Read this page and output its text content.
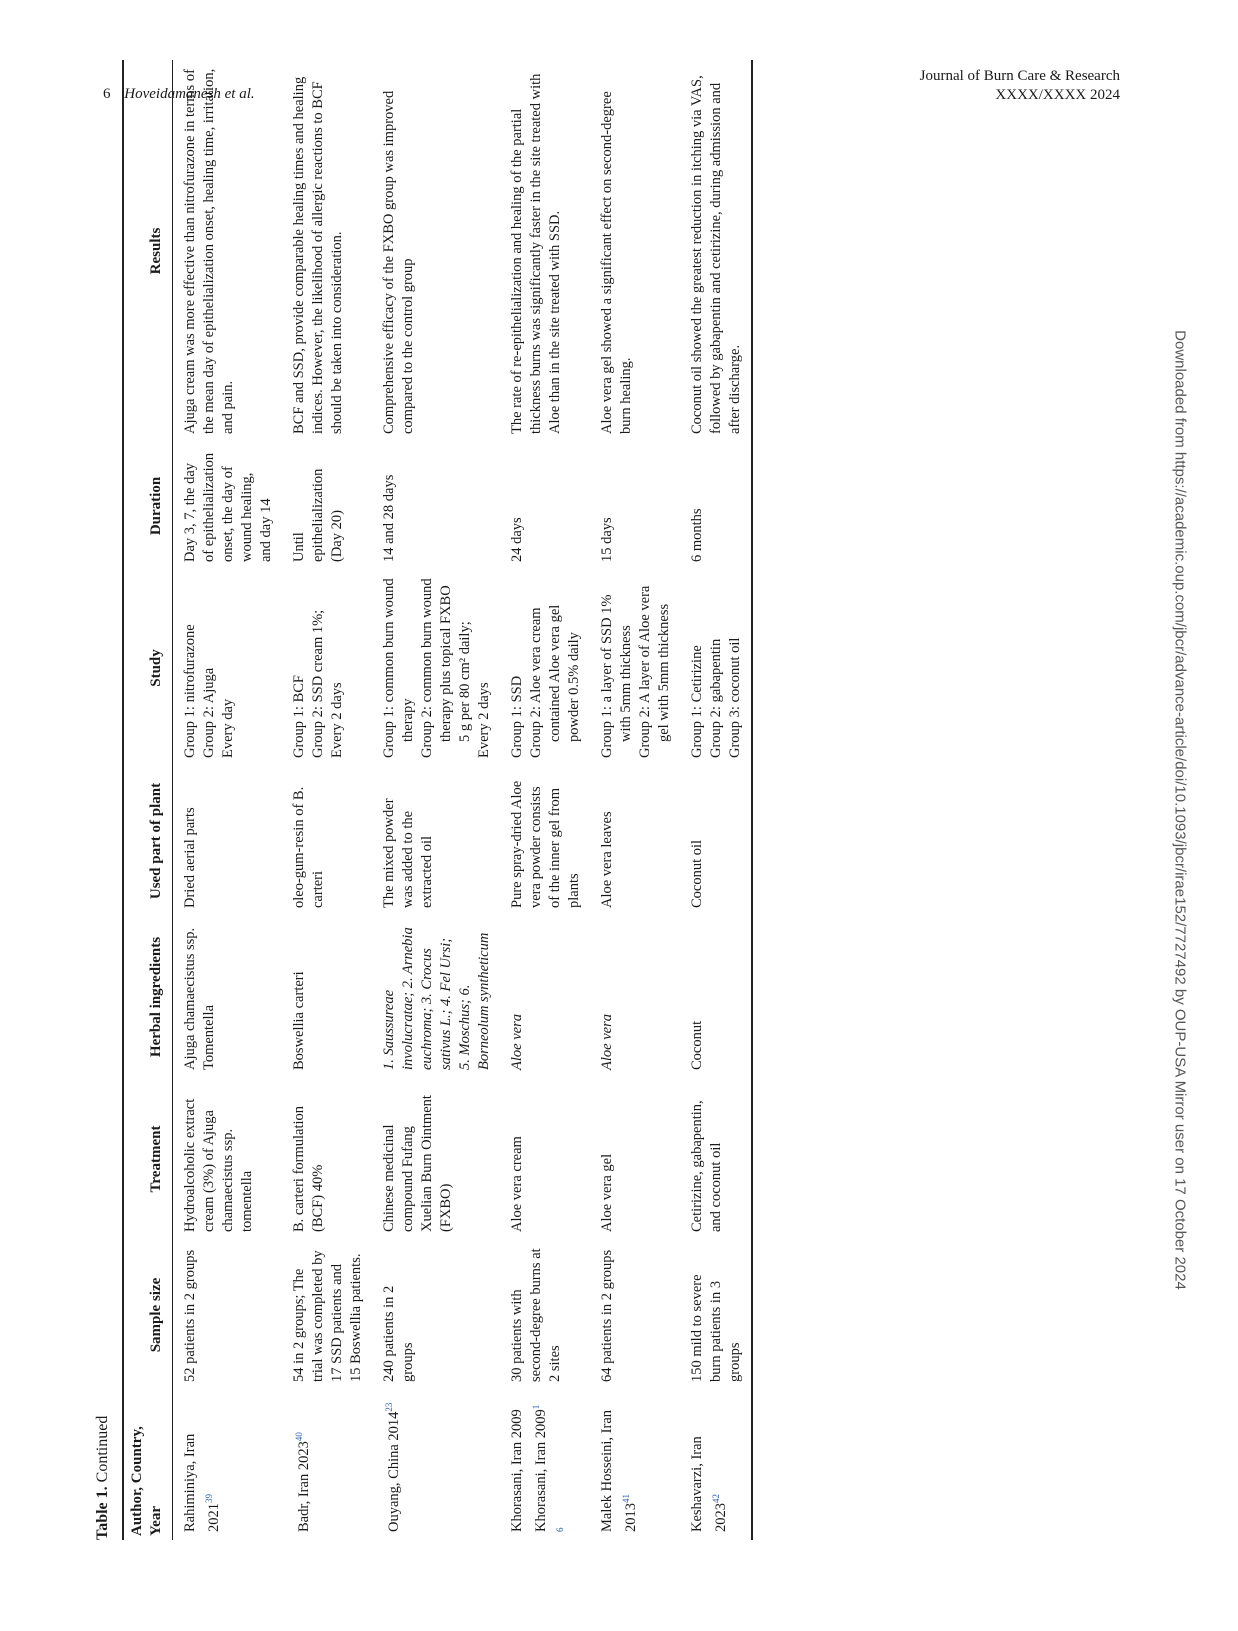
6 Hoveidamanesh et al.
Journal of Burn Care & Research
XXXX/XXXX 2024
Downloaded from https://academic.oup.com/jbcr/advance-article/doi/10.1093/jbcr/irae152/7727492 by OUP-USA Mirror user on 17 October 2024
Table 1. Continued	Author, Country, Year	Sample size	Treatment	Herbal ingredients	Used part of plant	Study	Duration	Results
Rahiminiya, Iran 2021$^{39}$	52 patients in 2 groups	Hydroalcoholic extract cream (3%) of Ajuga chamaecistus ssp. tomentella	Ajuga chamaecistus ssp. Tomentella	Dried aerial parts	Group 1: nitrofurazone Group 2: Ajuga Every day	Day 3, 7, the day of epithelialization onset, the day of wound healing, and day 14	Ajuga cream was more effective than nitrofurazone in terms of the mean day of epithelialization onset, healing time, irritation, and pain.
Badr, Iran 2023$^{40}$	54 in 2 groups; The trial was completed by 17 SSD patients and 15 Boswellia patients.	B. carteri formulation (BCF) 40%	Boswellia carteri	oleo-gum-resin of B. carteri	Group 1: BCF Group 2: SSD cream 1%; Every 2 days	Until epithelialization (Day 20)	BCF and SSD, provide comparable healing times and healing indices. However, the likelihood of allergic reactions to BCF should be taken into consideration.
Ouyang, China 2014$^{23}$	240 patients in 2 groups	Chinese medicinal compound Fufang Xuelian Burn Ointment (FXBO)	1. Saussureae involucratae; 2. Arnebia euchroma; 3. Crocus sativus L.; 4. Fel Ursi; 5. Moschus; 6. Borneolum syntheticum	The mixed powder was added to the extracted oil	Group 1: common burn wound therapy Group 2: common burn wound therapy plus topical FXBO 5 g per 80 cm² daily; Every 2 days	14 and 28 days	Comprehensive efficacy of the FXBO group was improved compared to the control group
Khorasani, Iran 2009 Khorasani, Iran $2009^{1 6}$	30 patients with second-degree burns at 2 sites	Aloe vera cream	Aloe vera	Pure spray-dried Aloe vera powder consists of the inner gel from plants	Group 1: SSD Group 2: Aloe vera cream contained Aloe vera gel powder 0.5% daily	24 days	The rate of re-epithelialization and healing of the partial thickness burns was significantly faster in the site treated with Aloe than in the site treated with SSD.
Malek Hosseini, Iran 2013$^{41}$	64 patients in 2 groups	Aloe vera gel	Aloe vera	Aloe vera leaves	Group 1: a layer of SSD 1% with 5mm thickness Group 2: A layer of Aloe vera gel with 5mm thickness	15 days	Aloe vera gel showed a significant effect on second-degree burn healing.
Keshavarzi, Iran 2023$^{42}$	150 mild to severe burn patients in 3 groups	Cetirizine, gabapentin, and coconut oil	Coconut	Coconut oil	Group 1: Cetirizine Group 2: gabapentin Group 3: coconut oil	6 months	Coconut oil showed the greatest reduction in itching via VAS, followed by gabapentin and cetirizine, during admission and after discharge.
